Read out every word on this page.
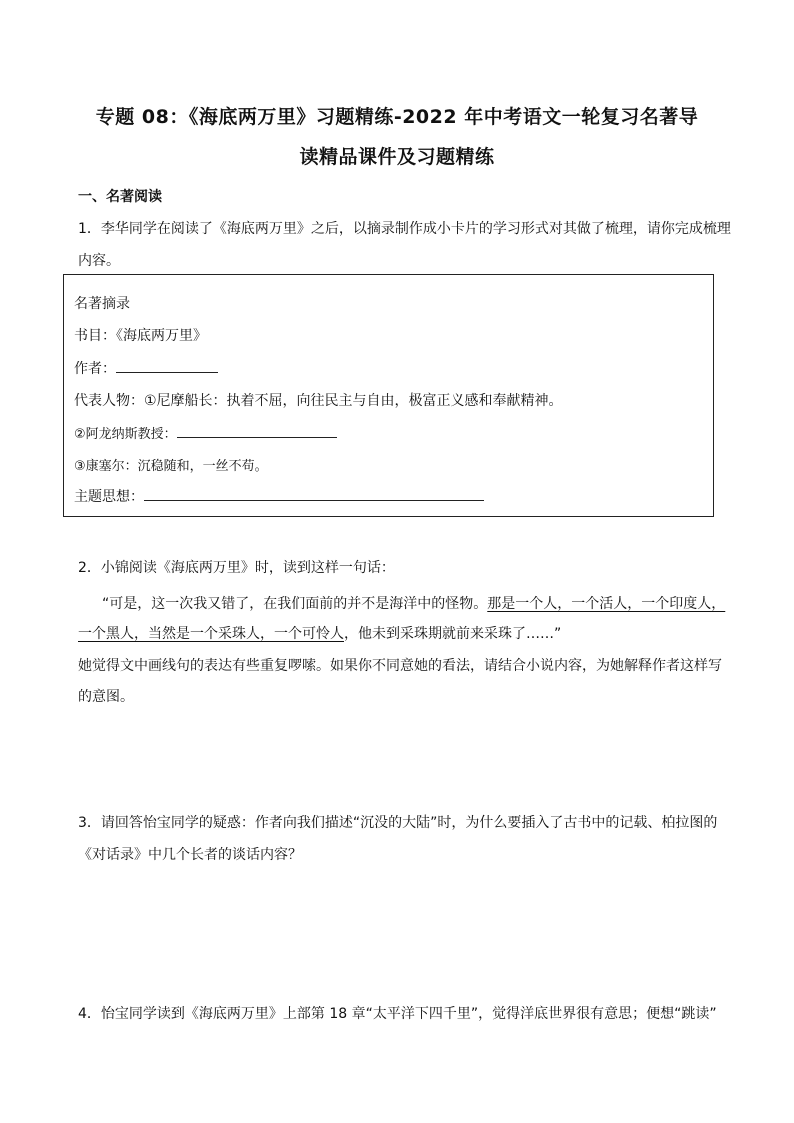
专题 08：《海底两万里》习题精练-2022 年中考语文一轮复习名著导
读精品课件及习题精练
一、名著阅读
1．李华同学在阅读了《海底两万里》之后，以摘录制作成小卡片的学习形式对其做了梳理，请你完成梳理
内容。
名著摘录
书目：《海底两万里》
作者：
代表人物：①尼摩船长：执着不屈，向往民主与自由，极富正义感和奉献精神。
②阿龙纳斯教授：
③康塞尔：沉稳随和，一丝不苟。
主题思想：
2．小锦阅读《海底两万里》时，读到这样一句话：
“可是，这一次我又错了，在我们面前的并不是海洋中的怪物。那是一个人，一个活人，一个印度人，
一个黑人，当然是一个采珠人，一个可怜人，他未到采珠期就前来采珠了……”
她觉得文中画线句的表达有些重复啰嗦。如果你不同意她的看法，请结合小说内容，为她解释作者这样写
的意图。
3．请回答怡宝同学的疑惑：作者向我们描述“沉没的大陆”时，为什么要插入了古书中的记载、柏拉图的
《对话录》中几个长者的谈话内容？
4．怡宝同学读到《海底两万里》上部第 18 章“太平洋下四千里”，觉得洋底世界很有意思；便想“跳读”
